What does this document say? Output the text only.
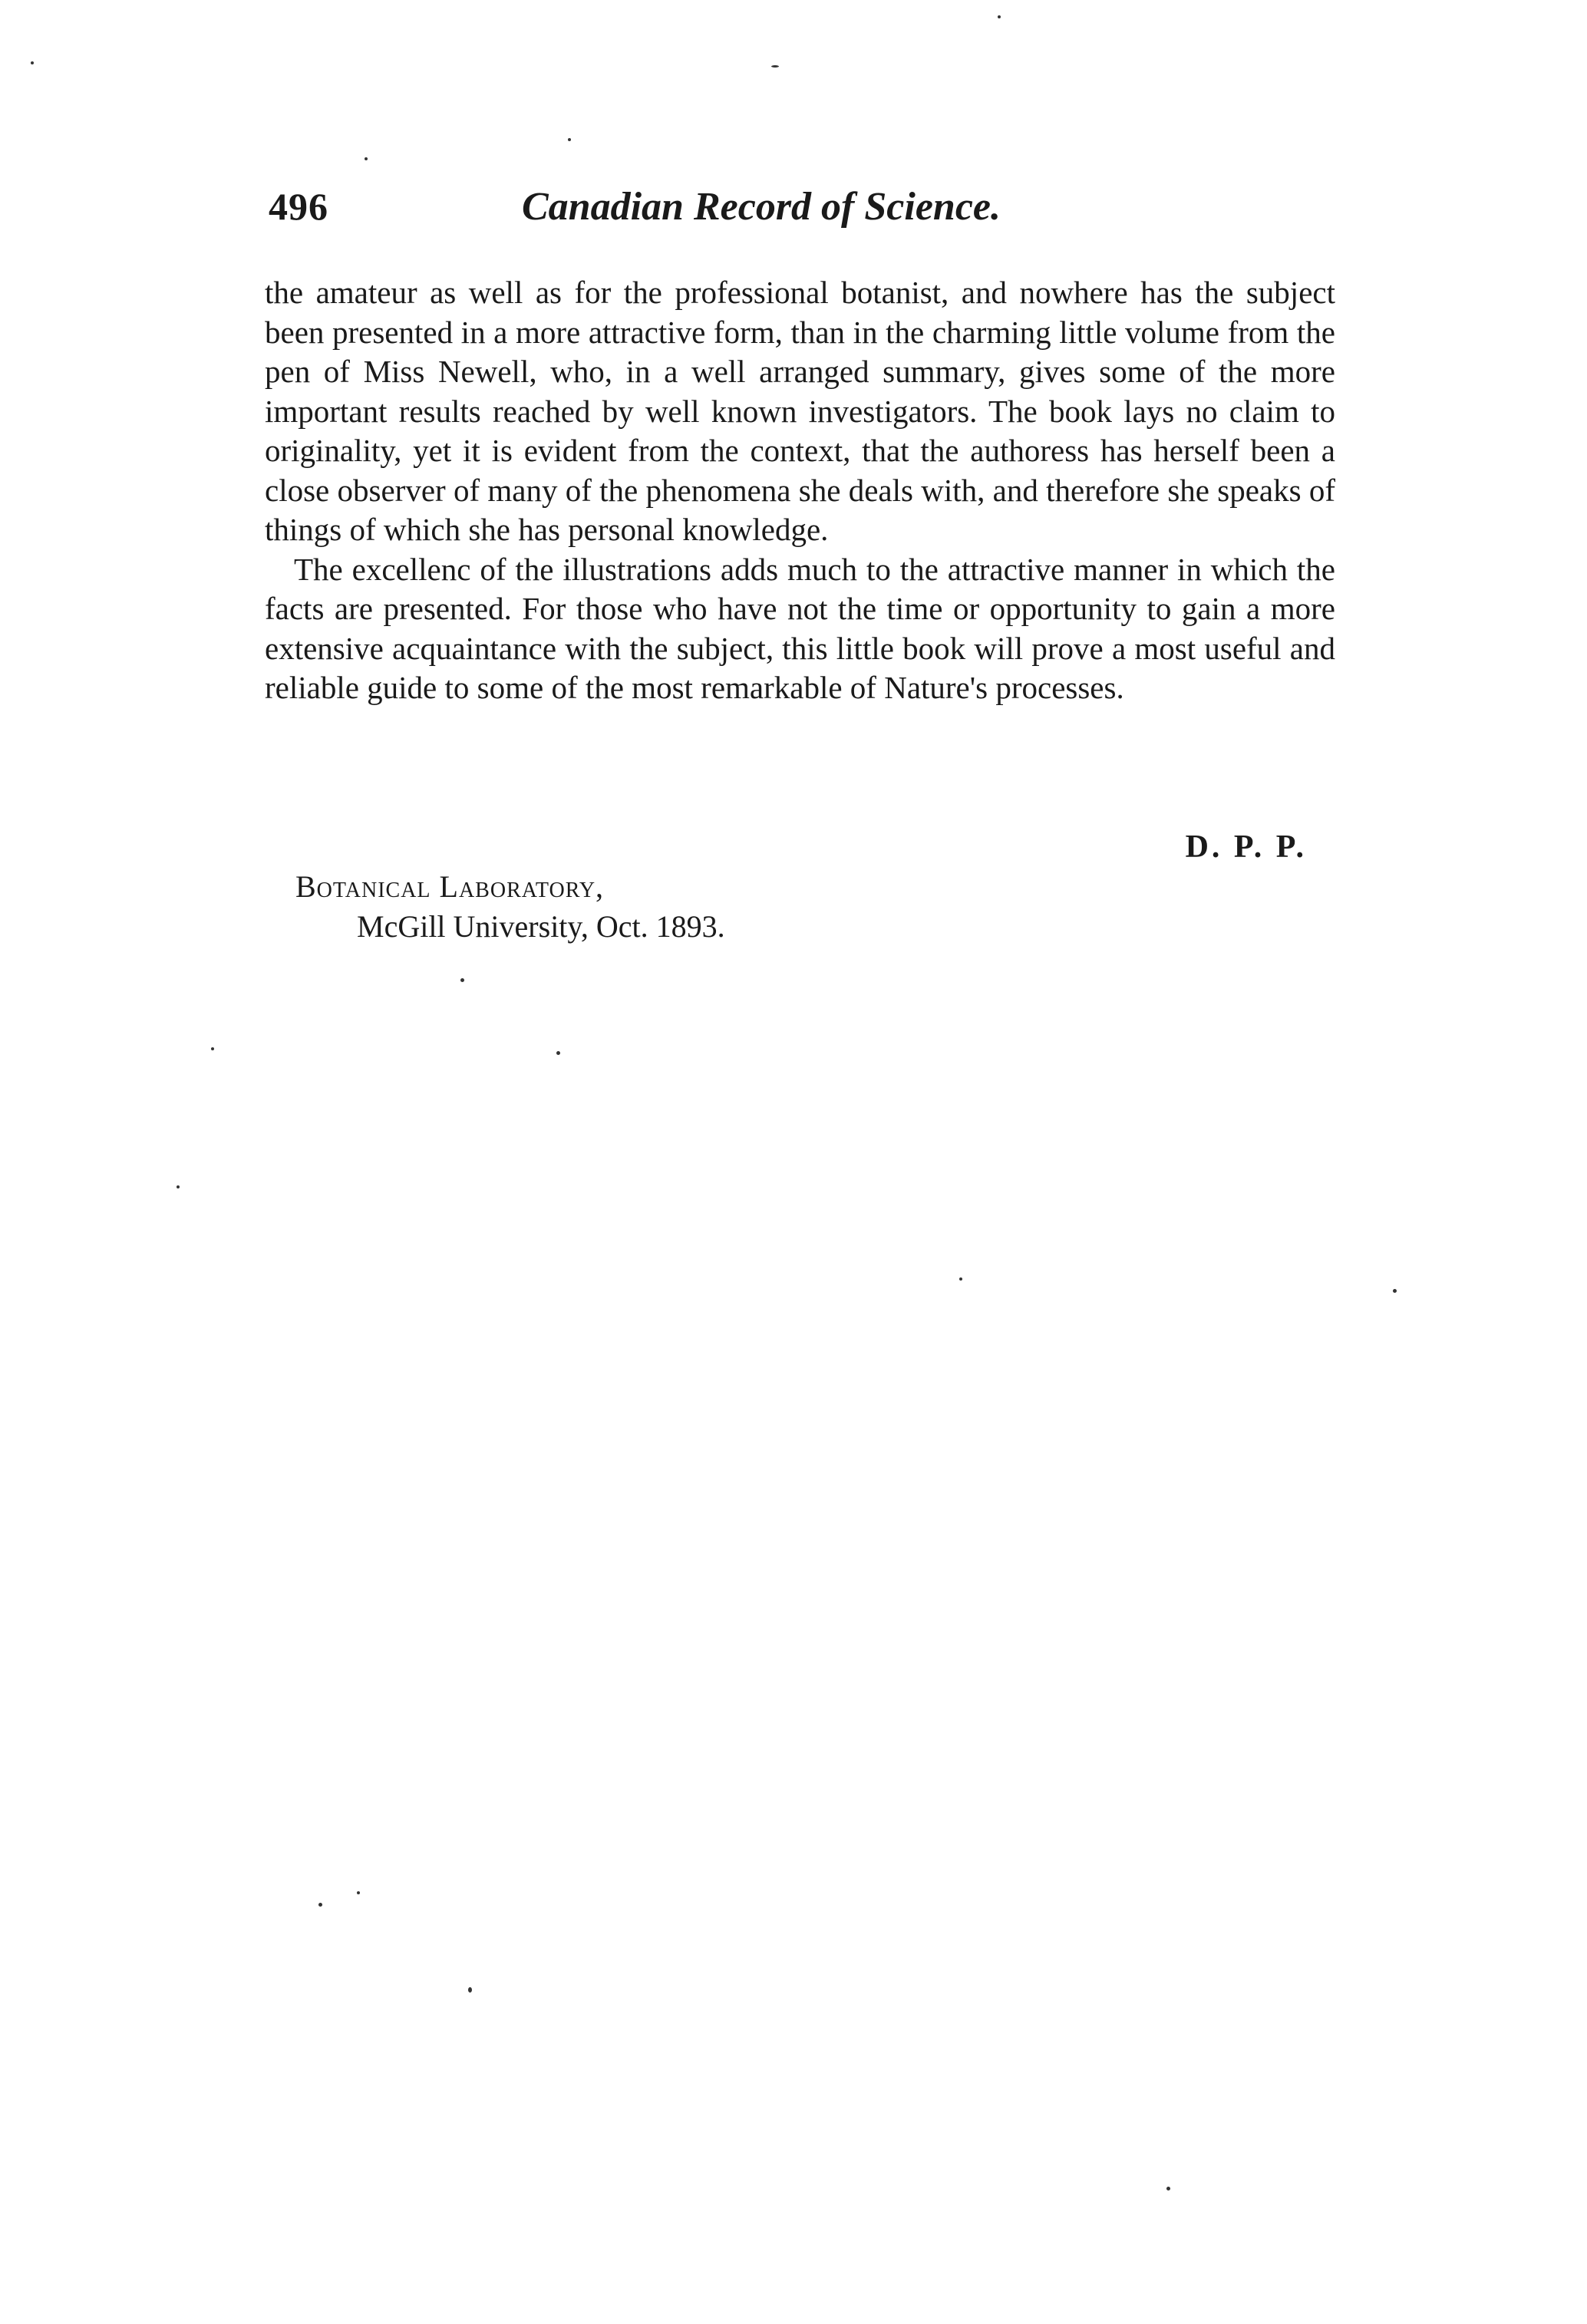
496	Canadian Record of Science.

the amateur as well as for the professional botanist, and nowhere has the subject been presented in a more attractive form, than in the charming little volume from the pen of Miss Newell, who, in a well arranged summary, gives some of the more important results reached by well known investigators. The book lays no claim to originality, yet it is evident from the context, that the authoress has herself been a close observer of many of the phenomena she deals with, and therefore she speaks of things of which she has personal knowledge.

The excellenc of the illustrations adds much to the attractive manner in which the facts are presented. For those who have not the time or opportunity to gain a more extensive acquaintance with the subject, this little book will prove a most useful and reliable guide to some of the most remarkable of Nature's processes.

D. P. P.
Botanical Laboratory,
McGill University, Oct. 1893.
